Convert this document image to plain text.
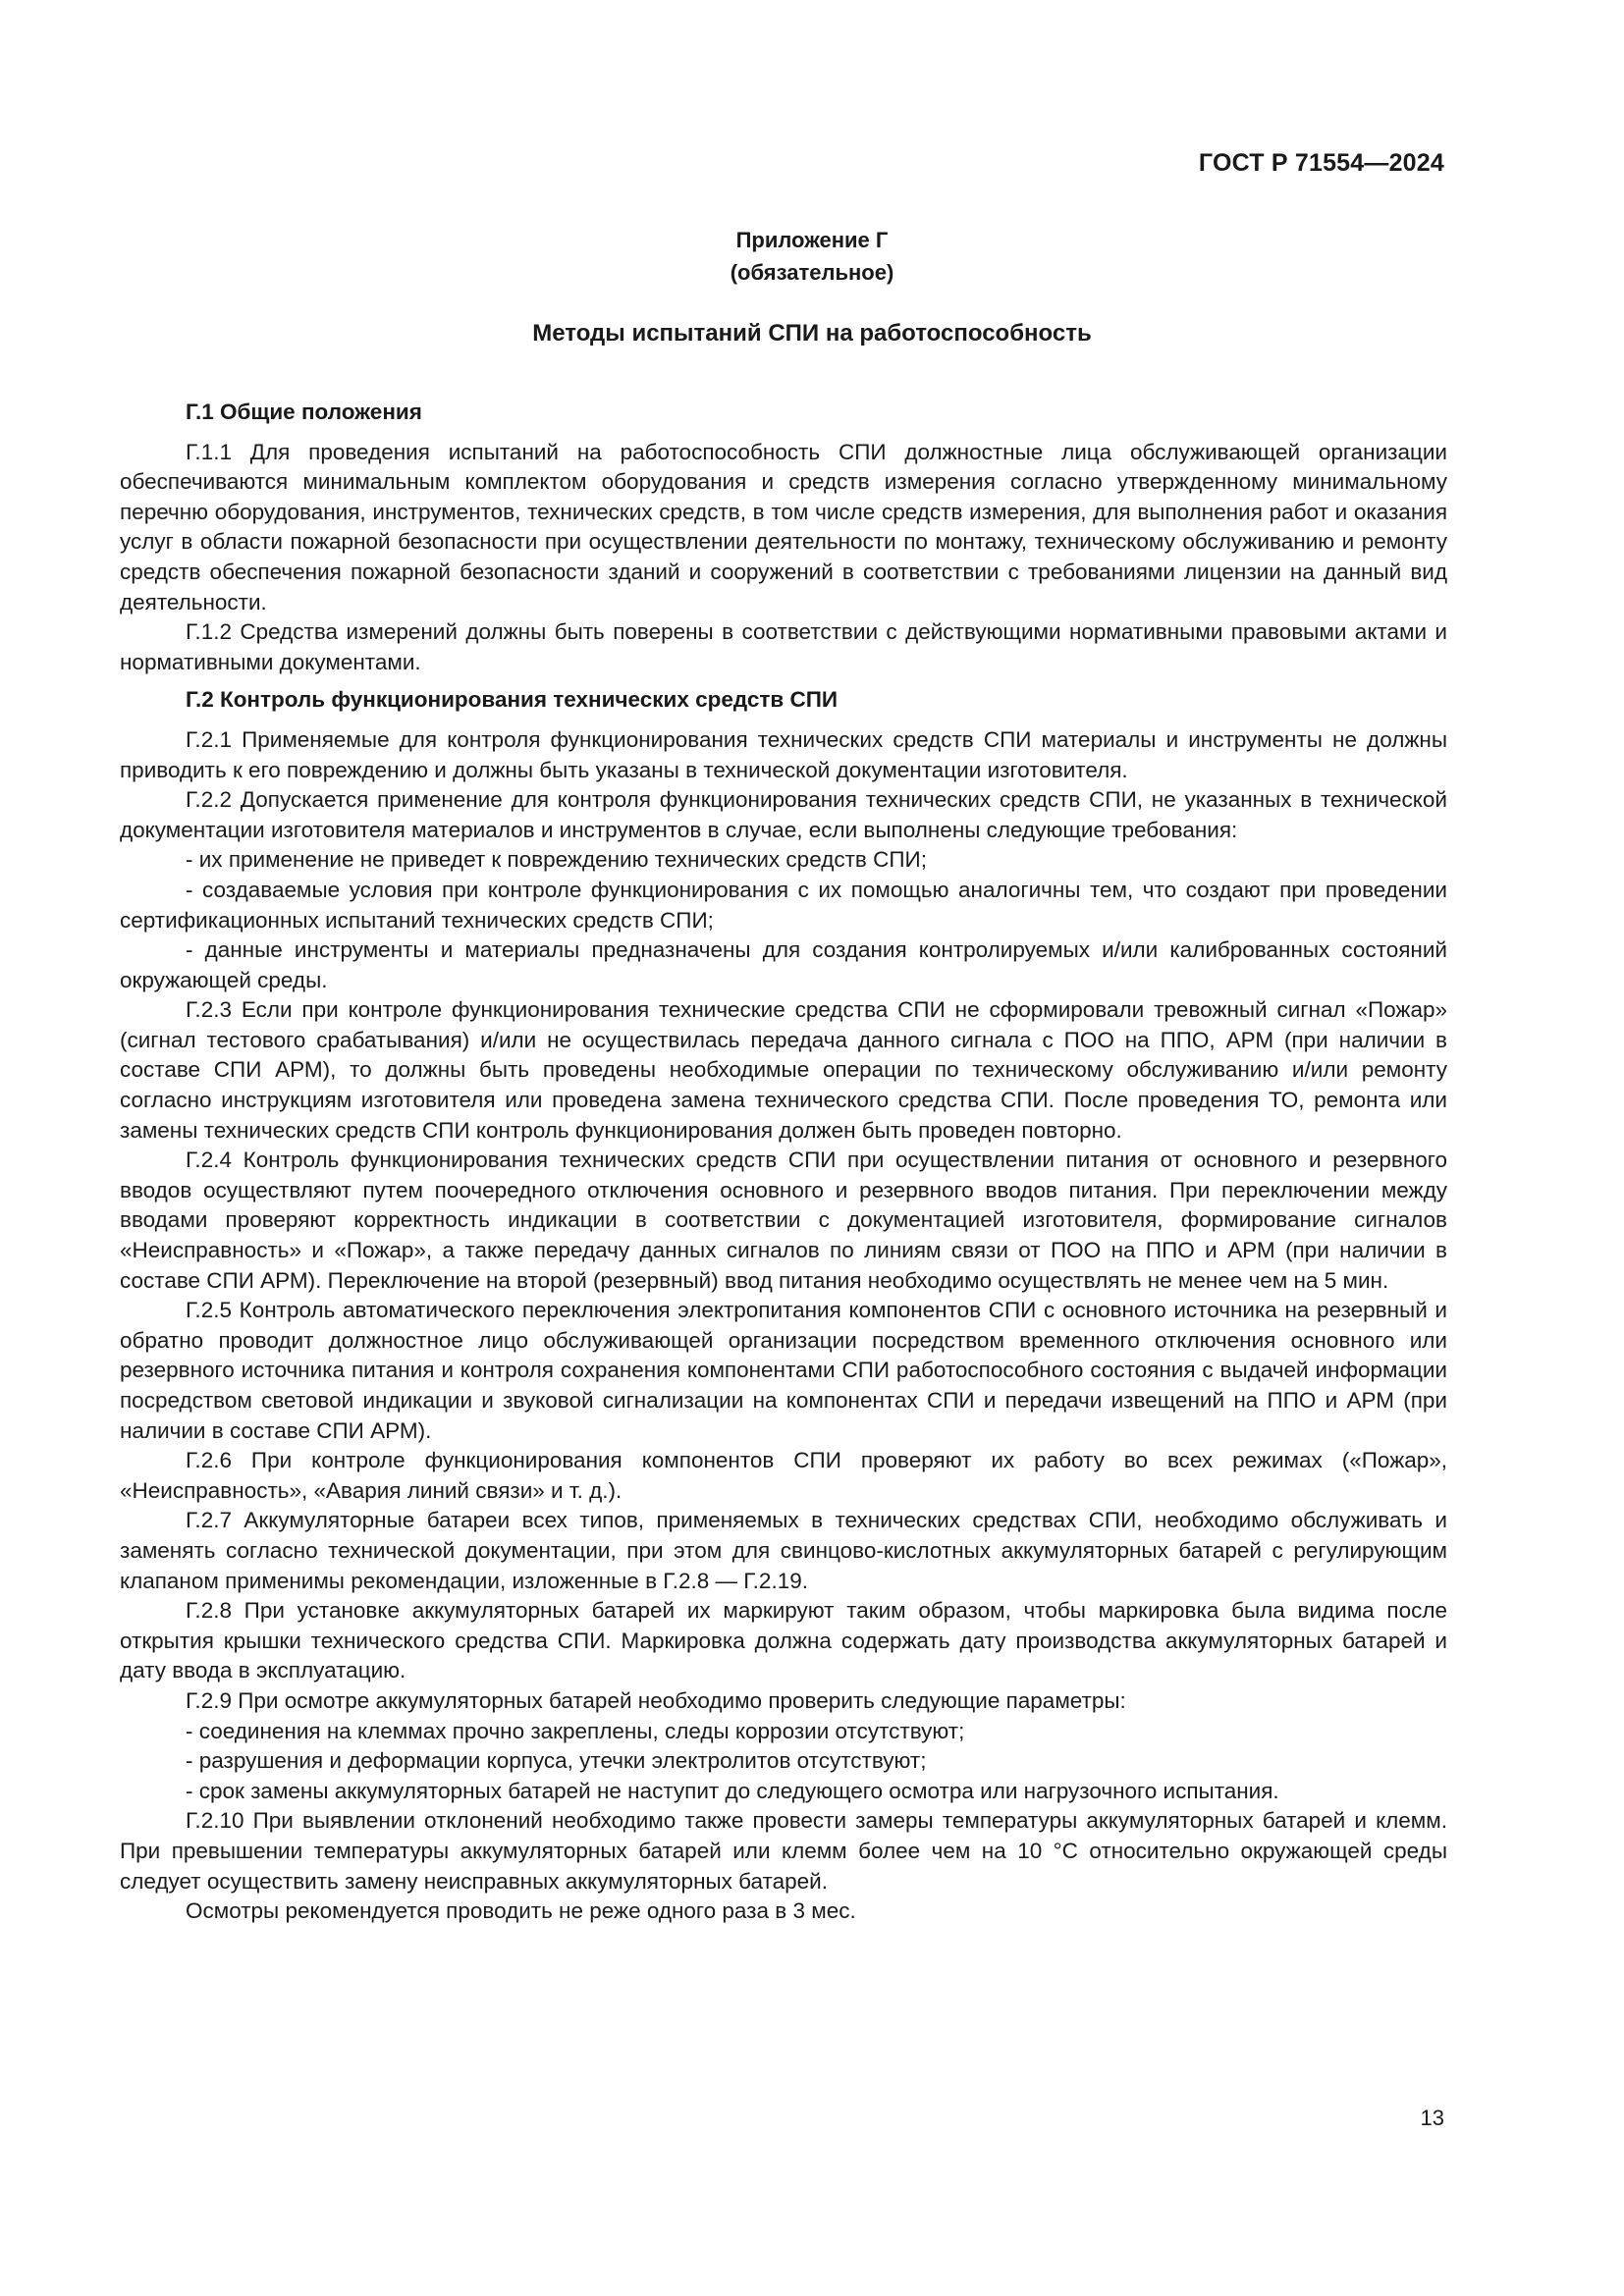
ГОСТ Р 71554—2024
Приложение Г
(обязательное)
Методы испытаний СПИ на работоспособность

Г.1 Общие положения

Г.1.1 Для проведения испытаний на работоспособность СПИ должностные лица обслуживающей организации обеспечиваются минимальным комплектом оборудования и средств измерения согласно утвержденному минимальному перечню оборудования, инструментов, технических средств, в том числе средств измерения, для выполнения работ и оказания услуг в области пожарной безопасности при осуществлении деятельности по монтажу, техническому обслуживанию и ремонту средств обеспечения пожарной безопасности зданий и сооружений в соответствии с требованиями лицензии на данный вид деятельности.

Г.1.2 Средства измерений должны быть поверены в соответствии с действующими нормативными правовыми актами и нормативными документами.

Г.2 Контроль функционирования технических средств СПИ

Г.2.1 Применяемые для контроля функционирования технических средств СПИ материалы и инструменты не должны приводить к его повреждению и должны быть указаны в технической документации изготовителя.

Г.2.2 Допускается применение для контроля функционирования технических средств СПИ, не указанных в технической документации изготовителя материалов и инструментов в случае, если выполнены следующие требования:

- их применение не приведет к повреждению технических средств СПИ;

- создаваемые условия при контроле функционирования с их помощью аналогичны тем, что создают при проведении сертификационных испытаний технических средств СПИ;

- данные инструменты и материалы предназначены для создания контролируемых и/или калиброванных состояний окружающей среды.

Г.2.3 Если при контроле функционирования технические средства СПИ не сформировали тревожный сигнал «Пожар» (сигнал тестового срабатывания) и/или не осуществилась передача данного сигнала с ПОО на ППО, АРМ (при наличии в составе СПИ АРМ), то должны быть проведены необходимые операции по техническому обслуживанию и/или ремонту согласно инструкциям изготовителя или проведена замена технического средства СПИ. После проведения ТО, ремонта или замены технических средств СПИ контроль функционирования должен быть проведен повторно.

Г.2.4 Контроль функционирования технических средств СПИ при осуществлении питания от основного и резервного вводов осуществляют путем поочередного отключения основного и резервного вводов питания. При переключении между вводами проверяют корректность индикации в соответствии с документацией изготовителя, формирование сигналов «Неисправность» и «Пожар», а также передачу данных сигналов по линиям связи от ПОО на ППО и АРМ (при наличии в составе СПИ АРМ). Переключение на второй (резервный) ввод питания необходимо осуществлять не менее чем на 5 мин.

Г.2.5 Контроль автоматического переключения электропитания компонентов СПИ с основного источника на резервный и обратно проводит должностное лицо обслуживающей организации посредством временного отключения основного или резервного источника питания и контроля сохранения компонентами СПИ работоспособного состояния с выдачей информации посредством световой индикации и звуковой сигнализации на компонентах СПИ и передачи извещений на ППО и АРМ (при наличии в составе СПИ АРМ).

Г.2.6 При контроле функционирования компонентов СПИ проверяют их работу во всех режимах («Пожар», «Неисправность», «Авария линий связи» и т. д.).

Г.2.7 Аккумуляторные батареи всех типов, применяемых в технических средствах СПИ, необходимо обслуживать и заменять согласно технической документации, при этом для свинцово-кислотных аккумуляторных батарей с регулирующим клапаном применимы рекомендации, изложенные в Г.2.8 — Г.2.19.

Г.2.8 При установке аккумуляторных батарей их маркируют таким образом, чтобы маркировка была видима после открытия крышки технического средства СПИ. Маркировка должна содержать дату производства аккумуляторных батарей и дату ввода в эксплуатацию.

Г.2.9 При осмотре аккумуляторных батарей необходимо проверить следующие параметры:

- соединения на клеммах прочно закреплены, следы коррозии отсутствуют;

- разрушения и деформации корпуса, утечки электролитов отсутствуют;

- срок замены аккумуляторных батарей не наступит до следующего осмотра или нагрузочного испытания.

Г.2.10 При выявлении отклонений необходимо также провести замеры температуры аккумуляторных батарей и клемм. При превышении температуры аккумуляторных батарей или клемм более чем на 10 °С относительно окружающей среды следует осуществить замену неисправных аккумуляторных батарей.

Осмотры рекомендуется проводить не реже одного раза в 3 мес.

13
